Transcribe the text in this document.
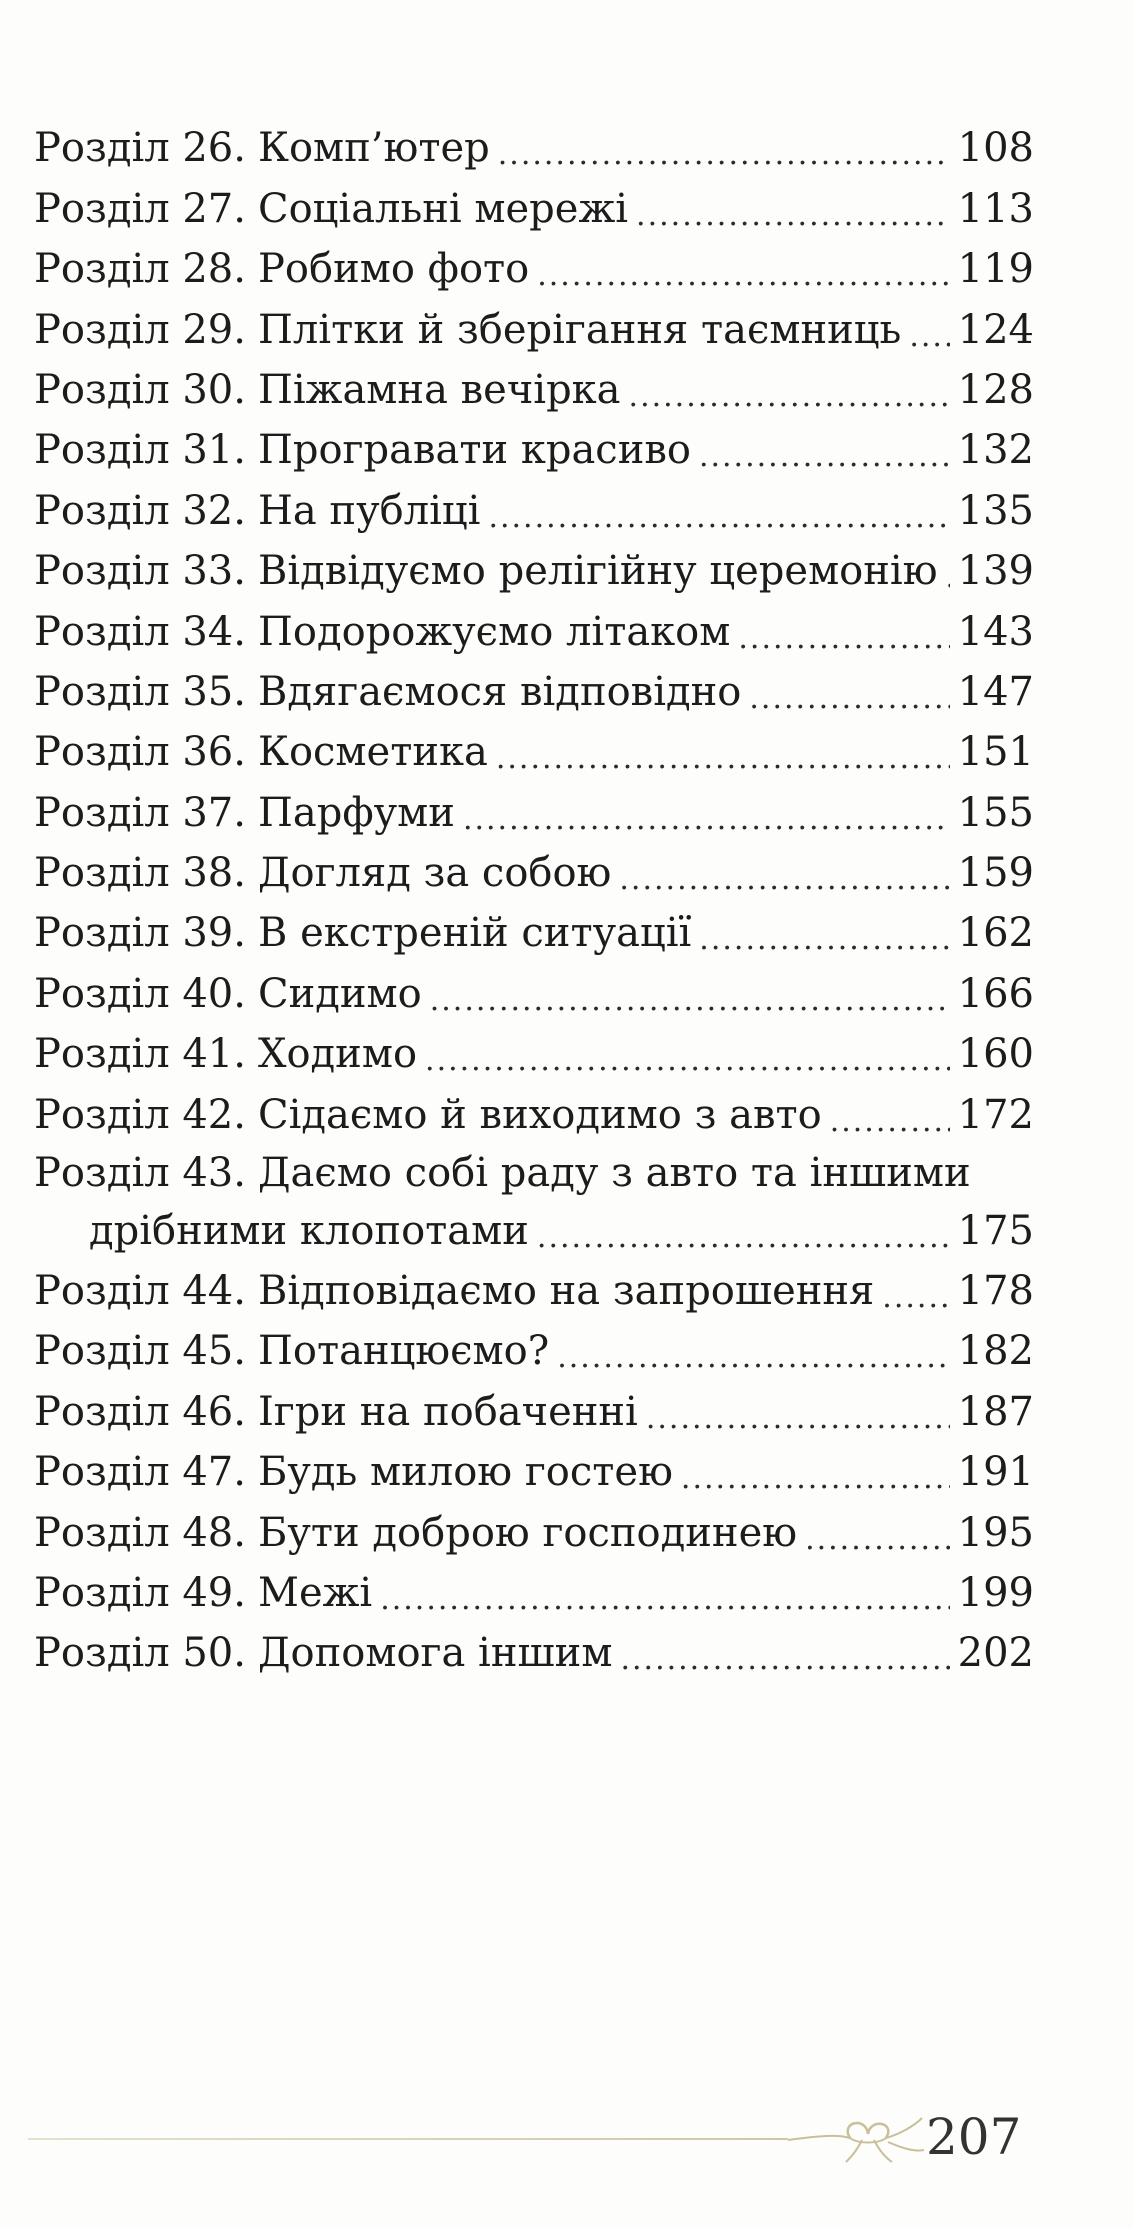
Розділ 26. Комп’ютер .....	108
Розділ 27. Соціальні мережі .....	113
Розділ 28. Робимо фото .....	119
Розділ 29. Плітки й зберігання таємниць ..... 124
Розділ 30. Піжамна вечірка .....	128
Розділ 31. Програвати красиво .....	132
Розділ 32. На публіці .....	135
Розділ 33. Відвідуємо релігійну церемонію ..... 139
Розділ 34. Подорожуємо літаком .....	143
Розділ 35. Вдягаємося відповідно .....	147
Розділ 36. Косметика .....	151
Розділ 37. Парфуми .....	155
Розділ 38. Догляд за собою .....	159
Розділ 39. В екстреній ситуації .....	162
Розділ 40. Сидимо .....	166
Розділ 41. Ходимо .....	160
Розділ 42. Сідаємо й виходимо з авто .....	172
Розділ 43. Даємо собі раду з авто та іншими
дрібними клопотами .....	175
Розділ 44. Відповідаємо на запрошення ..... 178
Розділ 45. Потанцюємо? .....	182
Розділ 46. Ігри на побаченні .....	187
Розділ 47. Будь милою гостею .....	191
Розділ 48. Бути доброю господинею .....	195
Розділ 49. Межі .....	199
Розділ 50. Допомога іншим .....	202
207
